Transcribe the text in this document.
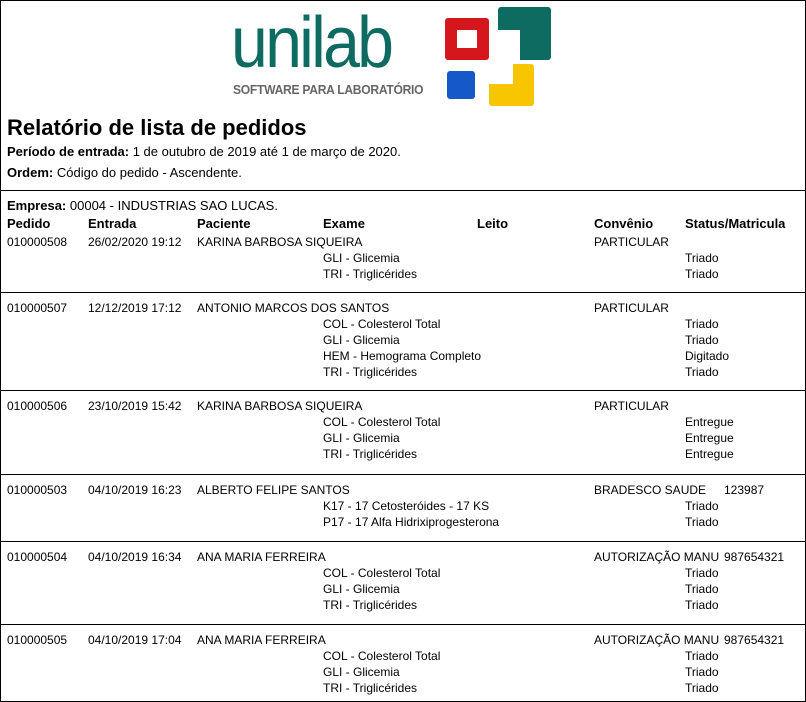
unilab
SOFTWARE PARA LABORATÓRIO
Relatório de lista de pedidos
Período de entrada: 1 de outubro de 2019 até 1 de março de 2020.
Ordem: Código do pedido - Ascendente.
Empresa: 00004 - INDUSTRIAS SAO LUCAS.
Pedido	Entrada	Paciente	Exame	Leito	Convênio Status/Matricula
010000508 26/02/2020 19:12 KARINA BARBOSA SIQUEIRA	PARTICULAR
GLI - Glicemia	Triado
TRI - Triglicérides	Triado
010000507 12/12/2019 17:12 ANTONIO MARCOS DOS SANTOS	PARTICULAR
COL - Colesterol Total	Triado
GLI - Glicemia	Triado
HEM - Hemograma Completo	Digitado
TRI - Triglicérides	Triado
010000506 23/10/2019 15:42 KARINA BARBOSA SIQUEIRA	PARTICULAR
COL - Colesterol Total	Entregue
GLI - Glicemia	Entregue
TRI - Triglicérides	Entregue
010000503 04/10/2019 16:23 ALBERTO FELIPE SANTOS	BRADESCO SAUDE 123987
K17 - 17 Cetosteróides - 17 KS	Triado
P17 - 17 Alfa Hidrixiprogesterona	Triado
010000504 04/10/2019 16:34 ANA MARIA FERREIRA	AUTORIZAÇÃO MANU 987654321
COL - Colesterol Total	Triado
GLI - Glicemia	Triado
TRI - Triglicérides	Triado
010000505 04/10/2019 17:04 ANA MARIA FERREIRA	AUTORIZAÇÃO MANU 987654321
COL - Colesterol Total	Triado
GLI - Glicemia	Triado
TRI - Triglicérides	Triado
